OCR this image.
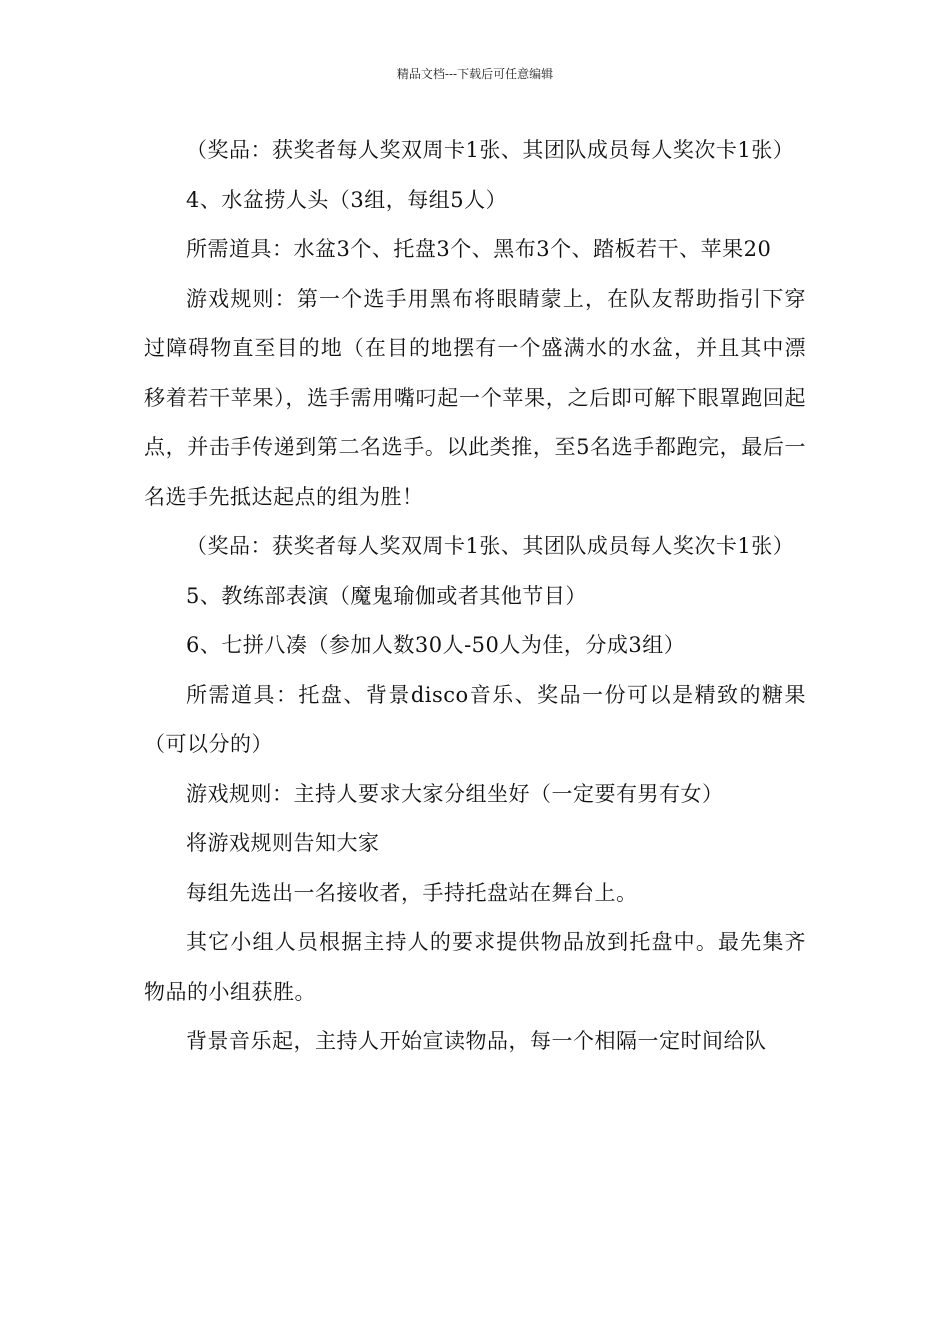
精品文档---下载后可任意编辑

（奖品：获奖者每人奖双周卡1张、其团队成员每人奖次卡1张）

4、水盆捞人头（3组，每组5人）

所需道具：水盆3个、托盘3个、黑布3个、踏板若干、苹果20

游戏规则：第一个选手用黑布将眼睛蒙上，在队友帮助指引下穿过障碍物直至目的地（在目的地摆有一个盛满水的水盆，并且其中漂移着若干苹果），选手需用嘴叼起一个苹果，之后即可解下眼罩跑回起点，并击手传递到第二名选手。以此类推，至5名选手都跑完，最后一名选手先抵达起点的组为胜！

（奖品：获奖者每人奖双周卡1张、其团队成员每人奖次卡1张）

5、教练部表演（魔鬼瑜伽或者其他节目）

6、七拼八凑（参加人数30人-50人为佳，分成3组）

所需道具：托盘、背景disco音乐、奖品一份可以是精致的糖果（可以分的）

游戏规则：主持人要求大家分组坐好（一定要有男有女）

将游戏规则告知大家

每组先选出一名接收者，手持托盘站在舞台上。

其它小组人员根据主持人的要求提供物品放到托盘中。最先集齐物品的小组获胜。

背景音乐起，主持人开始宣读物品，每一个相隔一定时间给队
